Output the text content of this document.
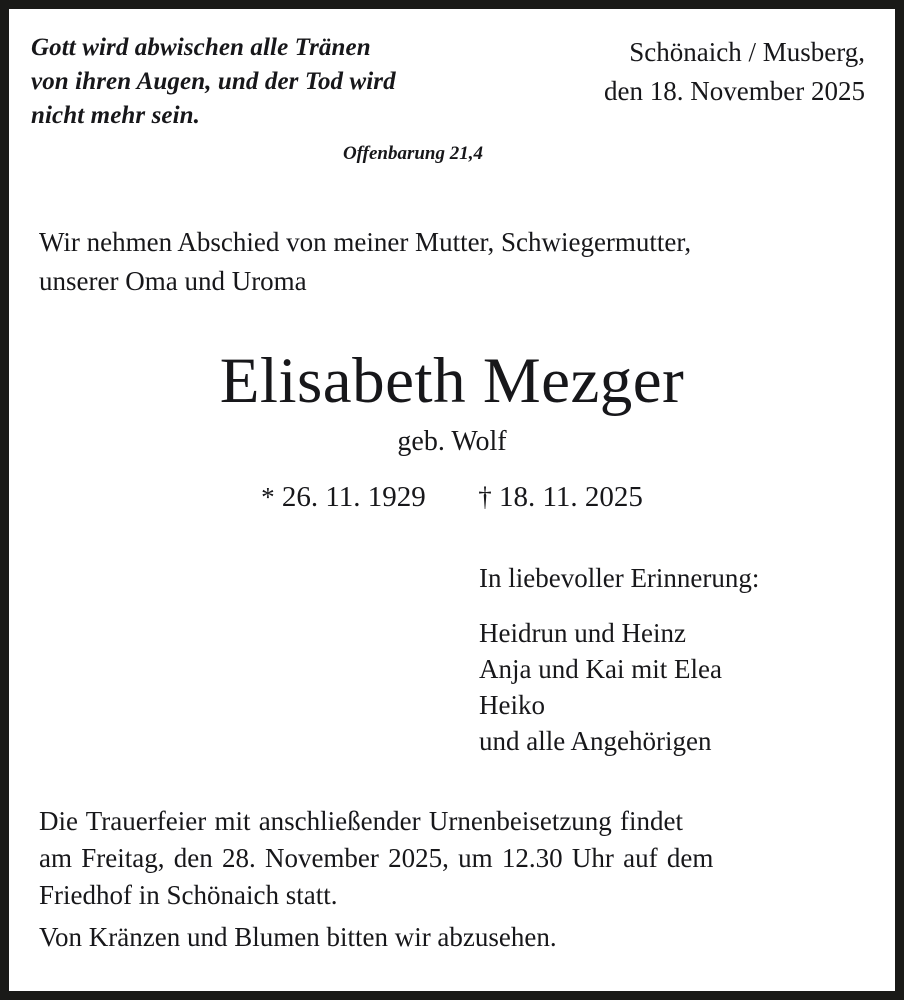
Gott wird abwischen alle Tränen
von ihren Augen, und der Tod wird
nicht mehr sein.
Offenbarung 21,4
Schönaich / Musberg,
den 18. November 2025
Wir nehmen Abschied von meiner Mutter, Schwiegermutter,
unserer Oma und Uroma
Elisabeth Mezger
geb. Wolf
* 26. 11. 1929 † 18. 11. 2025
In liebevoller Erinnerung:
Heidrun und Heinz
Anja und Kai mit Elea
Heiko
und alle Angehörigen
Die Trauerfeier mit anschließender Urnenbeisetzung findet
am Freitag, den 28. November 2025, um 12.30 Uhr auf dem
Friedhof in Schönaich statt.
Von Kränzen und Blumen bitten wir abzusehen.
